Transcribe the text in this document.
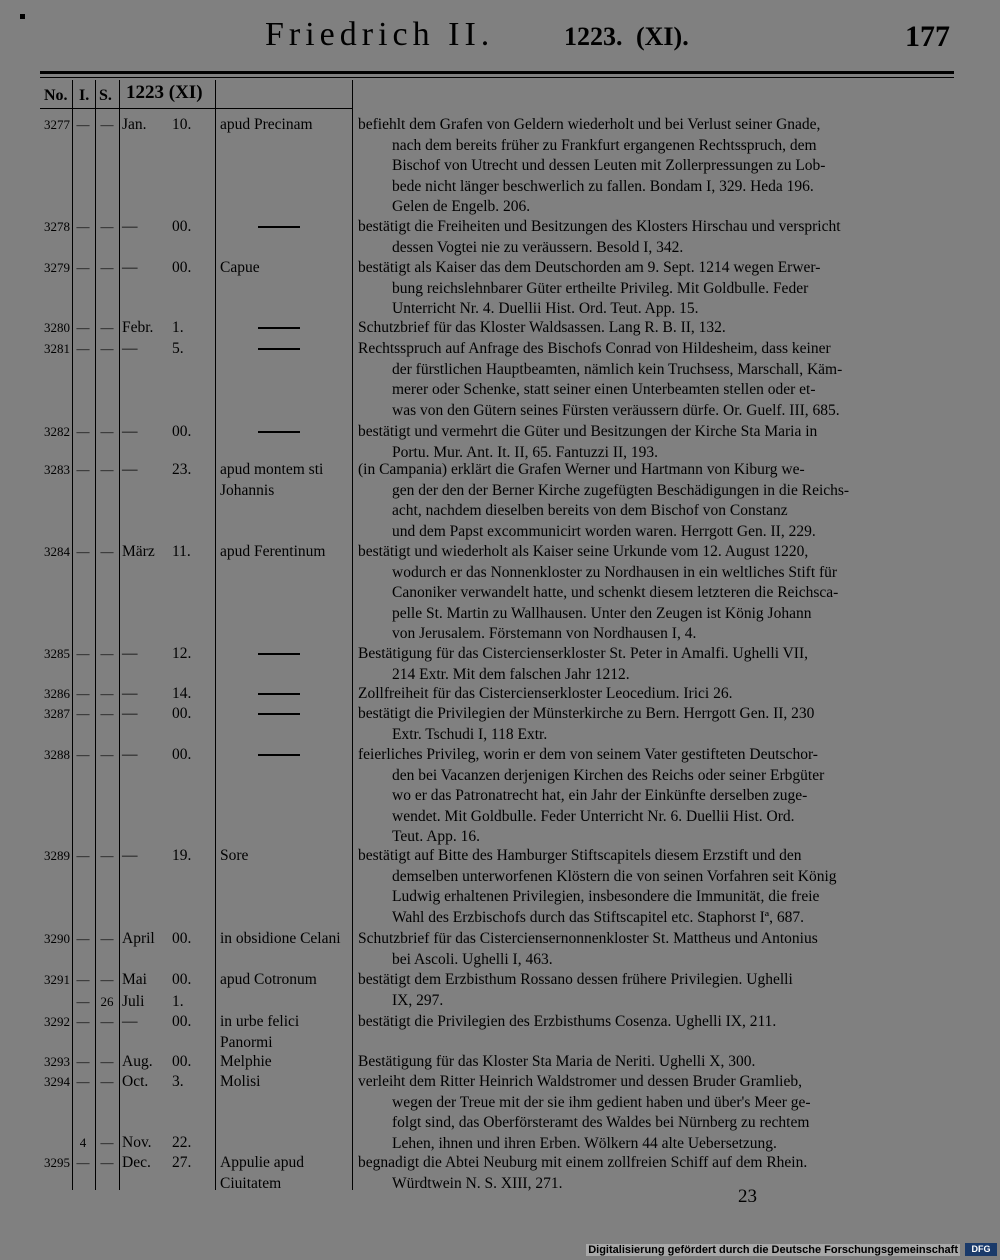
Friedrich II.	1223. (XI).	177
No. I. S. 1223 (XI)
3277 — — Jan. 10.	apud Precinam	befiehlt dem Grafen von Geldern wiederholt und bei Verlust seiner Gnade,
nach dem bereits früher zu Frankfurt ergangenen Rechtsspruch, dem
Bischof von Utrecht und dessen Leuten mit Zollerpressungen zu Lob-
bede nicht länger beschwerlich zu fallen. Bondam I, 329. Heda 196.
Gelen de Engelb. 206.
3278 — — — 00.	bestätigt die Freiheiten und Besitzungen des Klosters Hirschau und verspricht
dessen Vogtei nie zu veräussern. Besold I, 342.
3279 — — — 00.	Capue	bestätigt als Kaiser das dem Deutschorden am 9. Sept. 1214 wegen Erwer-
bung reichslehnbarer Güter ertheilte Privileg. Mit Goldbulle. Feder
Unterricht Nr. 4. Duellii Hist. Ord. Teut. App. 15.
3280 — — Febr. 1.	Schutzbrief für das Kloster Waldsassen. Lang R. B. II, 132.
3281 — — — 5.	Rechtsspruch auf Anfrage des Bischofs Conrad von Hildesheim, dass keiner
der fürstlichen Hauptbeamten, nämlich kein Truchsess, Marschall, Käm-
merer oder Schenke, statt seiner einen Unterbeamten stellen oder et-
was von den Gütern seines Fürsten veräussern dürfe. Or. Guelf. III, 685.
3282 — — — 00.	bestätigt und vermehrt die Güter und Besitzungen der Kirche Sta Maria in
Portu. Mur. Ant. It. II, 65. Fantuzzi II, 193.
3283 — — — 23.	apud montem sti Johannis
(in Campania) erklärt die Grafen Werner und Hartmann von Kiburg we-
gen der den der Berner Kirche zugefügten Beschädigungen in die Reichs-
acht, nachdem dieselben bereits von dem Bischof von Constanz
und dem Papst excommunicirt worden waren. Herrgott Gen. II, 229.
3284 — — März 11.	apud Ferentinum	bestätigt und wiederholt als Kaiser seine Urkunde vom 12. August 1220,
wodurch er das Nonnenkloster zu Nordhausen in ein weltliches Stift für
Canoniker verwandelt hatte, und schenkt diesem letzteren die Reichsca-
pelle St. Martin zu Wallhausen. Unter den Zeugen ist König Johann
von Jerusalem. Förstemann von Nordhausen I, 4.
3285 — — — 12.	Bestätigung für das Cistercienserkloster St. Peter in Amalfi. Ughelli VII,
214 Extr. Mit dem falschen Jahr 1212.
3286 — — — 14.	Zollfreiheit für das Cistercienserkloster Leocedium. Irici 26.
3287 — — — 00.	bestätigt die Privilegien der Münsterkirche zu Bern. Herrgott Gen. II, 230
Extr. Tschudi I, 118 Extr.
3288 — — — 00.	feierliches Privileg, worin er dem von seinem Vater gestifteten Deutschor-
den bei Vacanzen derjenigen Kirchen des Reichs oder seiner Erbgüter
wo er das Patronatrecht hat, ein Jahr der Einkünfte derselben zuge-
wendet. Mit Goldbulle. Feder Unterricht Nr. 6. Duellii Hist. Ord.
Teut. App. 16.
3289 — — — 19.	Sore	bestätigt auf Bitte des Hamburger Stiftscapitels diesem Erzstift und den
demselben unterworfenen Klöstern die von seinen Vorfahren seit König
Ludwig erhaltenen Privilegien, insbesondere die Immunität, die freie
Wahl des Erzbischofs durch das Stiftscapitel etc. Staphorst Iª, 687.
3290 — — April 00.	in obsidione Celani	Schutzbrief für das Cisterciensernonnenkloster St. Mattheus und Antonius
bei Ascoli. Ughelli I, 463.
3291 — — Mai 00.	apud Cotronum	bestätigt dem Erzbisthum Rossano dessen frühere Privilegien. Ughelli
IX, 297.
— 26 Juli 1.
3292 — — — 00.	in urbe felici Panormi
bestätigt die Privilegien des Erzbisthums Cosenza. Ughelli IX, 211.
3293 — — Aug. 00.	Melphie	Bestätigung für das Kloster Sta Maria de Neriti. Ughelli X, 300.
3294 — — Oct. 3.	Molisi	verleiht dem Ritter Heinrich Waldstromer und dessen Bruder Gramlieb,
wegen der Treue mit der sie ihm gedient haben und über's Meer ge-
folgt sind, das Oberförsteramt des Waldes bei Nürnberg zu rechtem
Lehen, ihnen und ihren Erben. Wölkern 44 alte Uebersetzung.
4	— Nov. 22.
3295 — — Dec. 27.	Appulie apud Ciuitatem
begnadigt die Abtei Neuburg mit einem zollfreien Schiff auf dem Rhein.
Würdtwein N. S. XIII, 271.
23
Digitalisierung gefördert durch die Deutsche Forschungsgemeinschaft	DFG
